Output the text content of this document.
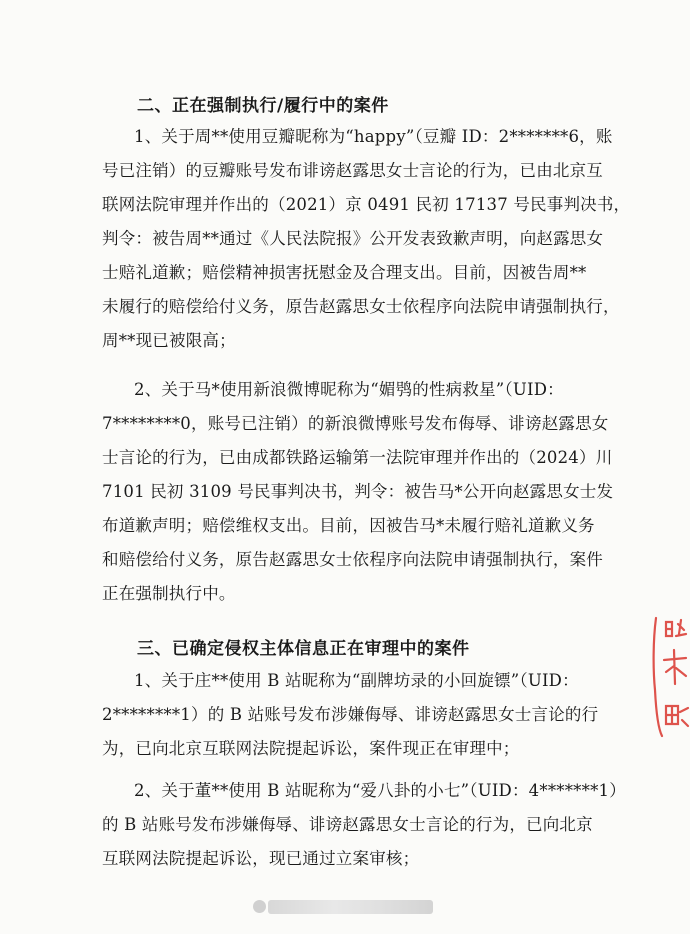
二、正在强制执行/履行中的案件
1、关于周**使用豆瓣昵称为“happy”（豆瓣 ID：2*******6，账
号已注销）的豆瓣账号发布诽谤赵露思女士言论的行为，已由北京互
联网法院审理并作出的（2021）京 0491 民初 17137 号民事判决书，
判令：被告周**通过《人民法院报》公开发表致歉声明，向赵露思女
士赔礼道歉；赔偿精神损害抚慰金及合理支出。目前，因被告周**
未履行的赔偿给付义务，原告赵露思女士依程序向法院申请强制执行，
周**现已被限高；
2、关于马*使用新浪微博昵称为“媚鸮的性病救星”（UID：
7********0，账号已注销）的新浪微博账号发布侮辱、诽谤赵露思女
士言论的行为，已由成都铁路运输第一法院审理并作出的（2024）川
7101 民初 3109 号民事判决书，判令：被告马*公开向赵露思女士发
布道歉声明；赔偿维权支出。目前，因被告马*未履行赔礼道歉义务
和赔偿给付义务，原告赵露思女士依程序向法院申请强制执行，案件
正在强制执行中。
三、已确定侵权主体信息正在审理中的案件
1、关于庄**使用 B 站昵称为“副牌坊录的小回旋镖”（UID：
2********1）的 B 站账号发布涉嫌侮辱、诽谤赵露思女士言论的行
为，已向北京互联网法院提起诉讼，案件现正在审理中；
2、关于董**使用 B 站昵称为“爱八卦的小七”（UID：4*******1）
的 B 站账号发布涉嫌侮辱、诽谤赵露思女士言论的行为，已向北京
互联网法院提起诉讼，现已通过立案审核；
